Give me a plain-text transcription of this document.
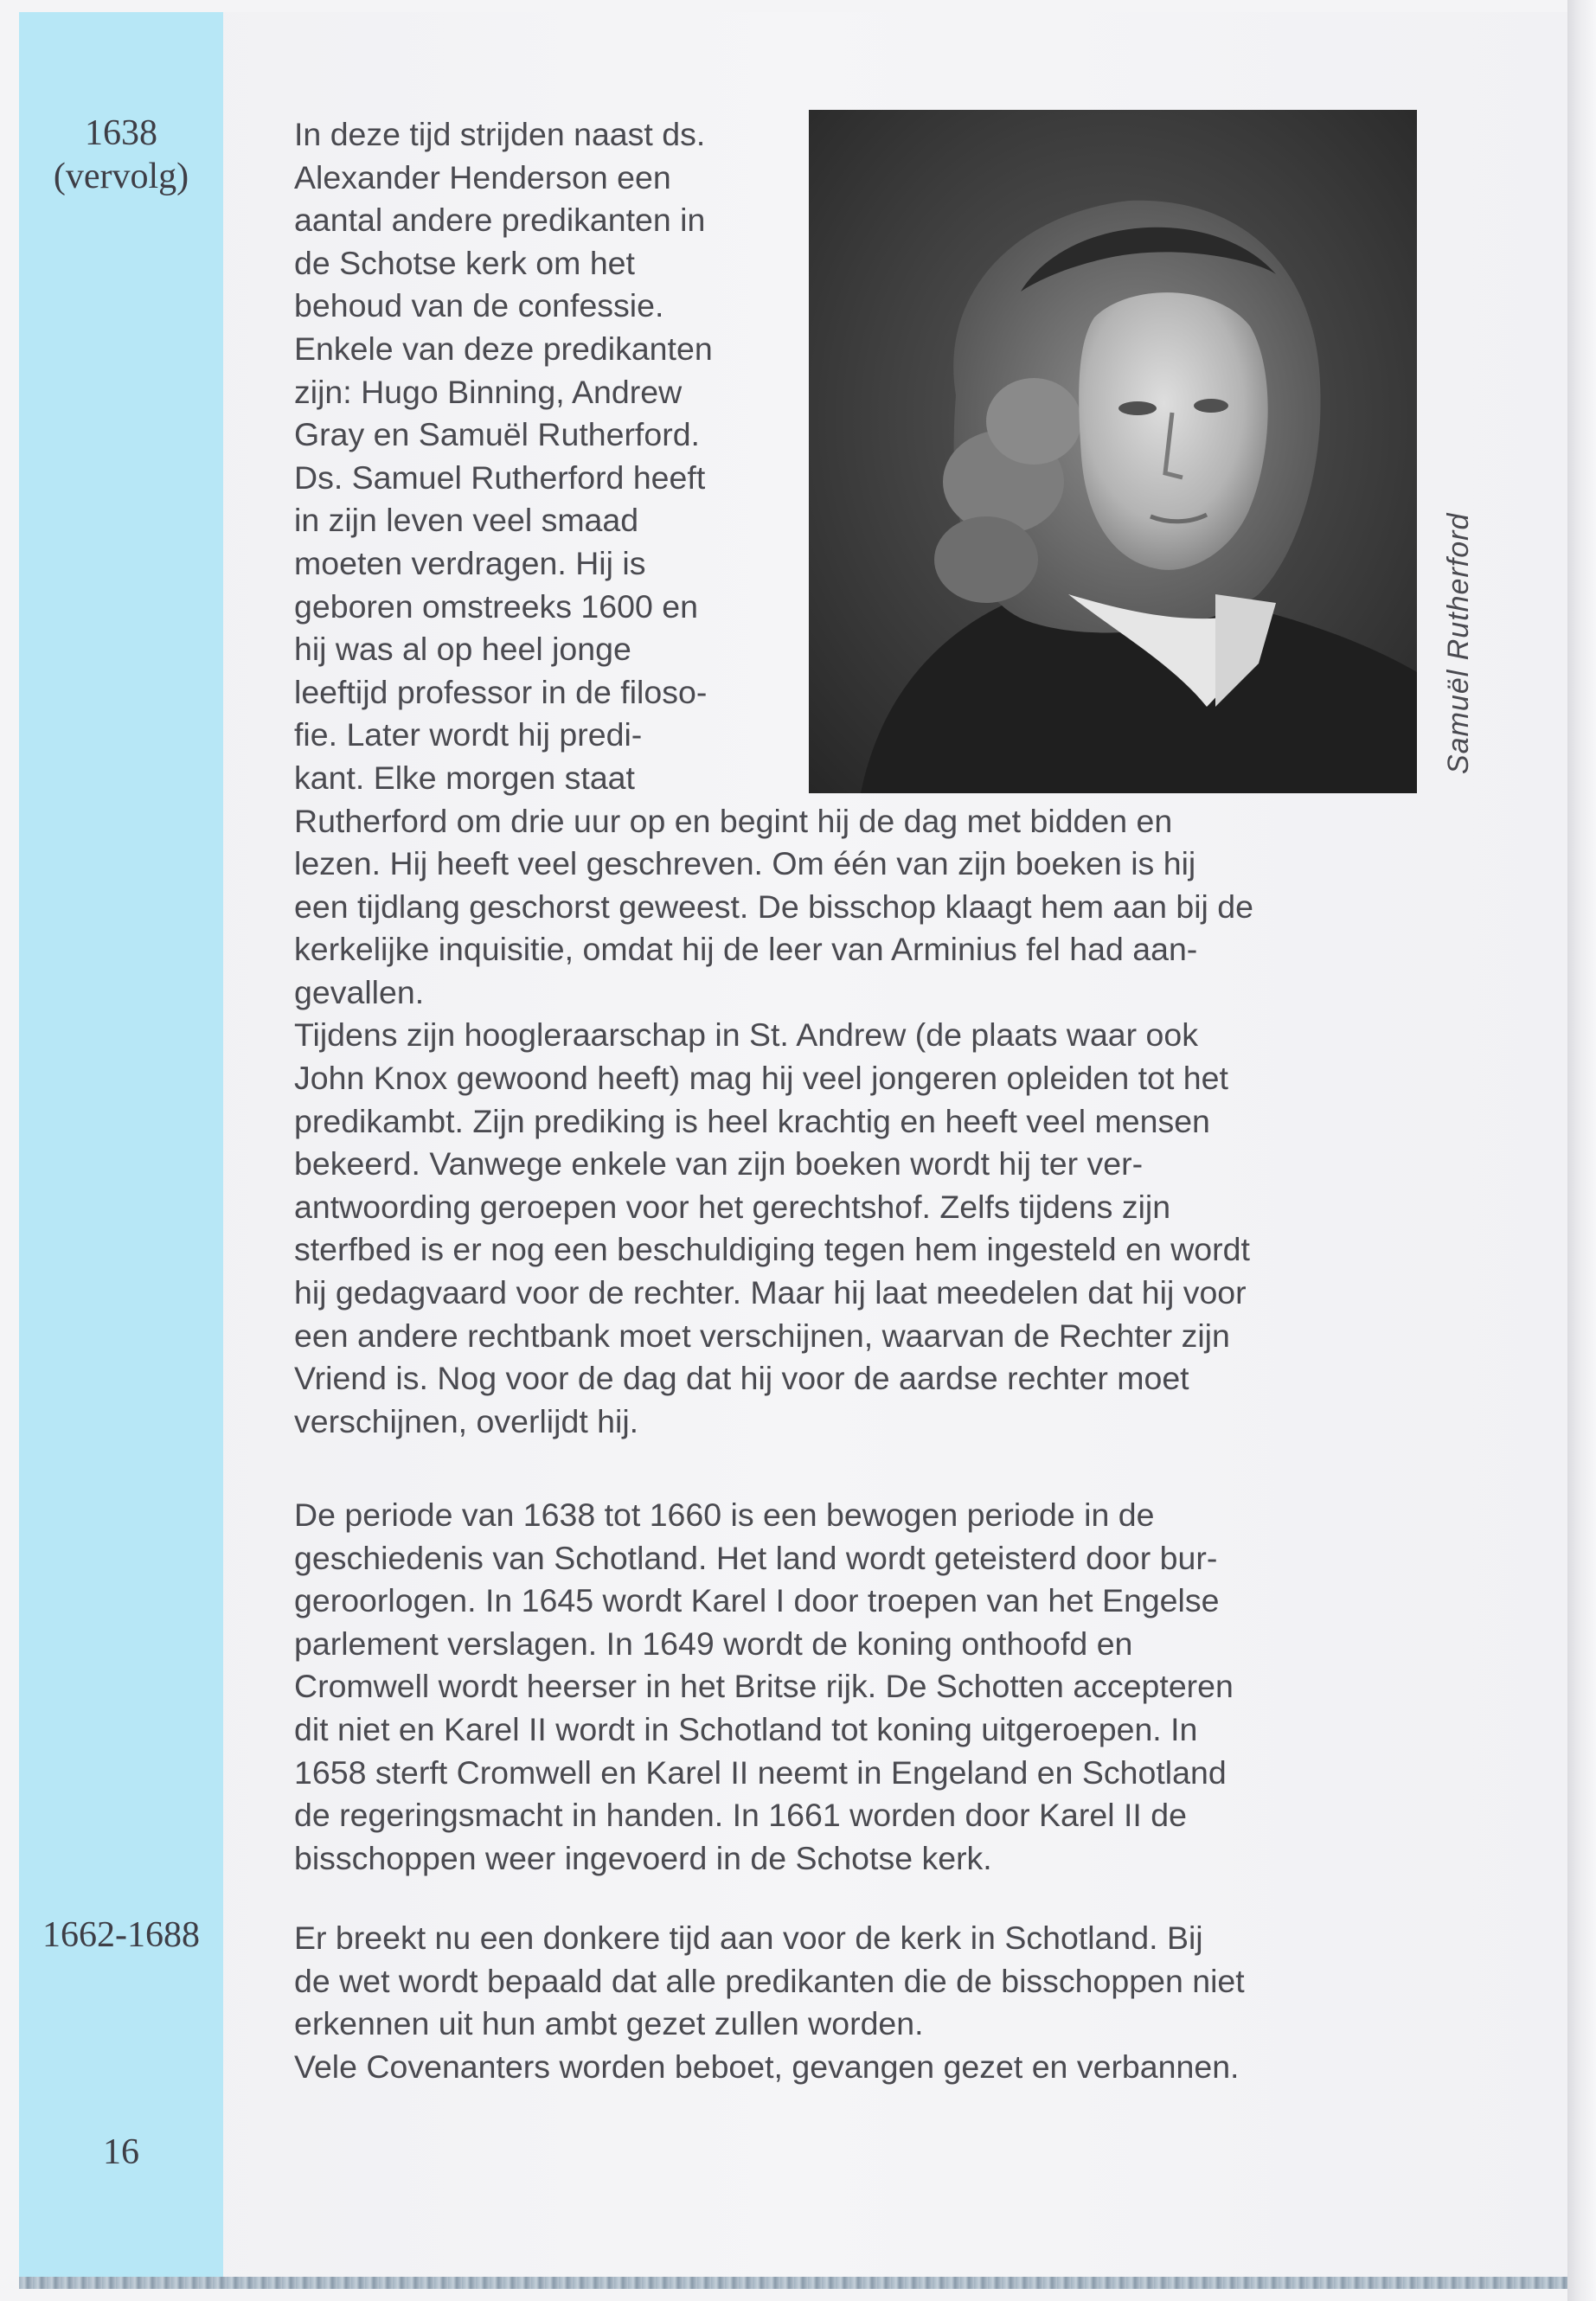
1638
(vervolg)
1662-1688
16
Samuël Rutherford
In deze tijd strijden naast ds.
Alexander Henderson een
aantal andere predikanten in
de Schotse kerk om het
behoud van de confessie.
Enkele van deze predikanten
zijn: Hugo Binning, Andrew
Gray en Samuël Rutherford.
Ds. Samuel Rutherford heeft
in zijn leven veel smaad
moeten verdragen. Hij is
geboren omstreeks 1600 en
hij was al op heel jonge
leeftijd professor in de filoso-
fie. Later wordt hij predi-
kant. Elke morgen staat
Rutherford om drie uur op en begint hij de dag met bidden en
lezen. Hij heeft veel geschreven. Om één van zijn boeken is hij
een tijdlang geschorst geweest. De bisschop klaagt hem aan bij de
kerkelijke inquisitie, omdat hij de leer van Arminius fel had aan-
gevallen.
Tijdens zijn hoogleraarschap in St. Andrew (de plaats waar ook
John Knox gewoond heeft) mag hij veel jongeren opleiden tot het
predikambt. Zijn prediking is heel krachtig en heeft veel mensen
bekeerd. Vanwege enkele van zijn boeken wordt hij ter ver-
antwoording geroepen voor het gerechtshof. Zelfs tijdens zijn
sterfbed is er nog een beschuldiging tegen hem ingesteld en wordt
hij gedagvaard voor de rechter. Maar hij laat meedelen dat hij voor
een andere rechtbank moet verschijnen, waarvan de Rechter zijn
Vriend is. Nog voor de dag dat hij voor de aardse rechter moet
verschijnen, overlijdt hij.
De periode van 1638 tot 1660 is een bewogen periode in de
geschiedenis van Schotland. Het land wordt geteisterd door bur-
geroorlogen. In 1645 wordt Karel I door troepen van het Engelse
parlement verslagen. In 1649 wordt de koning onthoofd en
Cromwell wordt heerser in het Britse rijk. De Schotten accepteren
dit niet en Karel II wordt in Schotland tot koning uitgeroepen. In
1658 sterft Cromwell en Karel II neemt in Engeland en Schotland
de regeringsmacht in handen. In 1661 worden door Karel II de
bisschoppen weer ingevoerd in de Schotse kerk.
Er breekt nu een donkere tijd aan voor de kerk in Schotland. Bij
de wet wordt bepaald dat alle predikanten die de bisschoppen niet
erkennen uit hun ambt gezet zullen worden.
Vele Covenanters worden beboet, gevangen gezet en verbannen.
